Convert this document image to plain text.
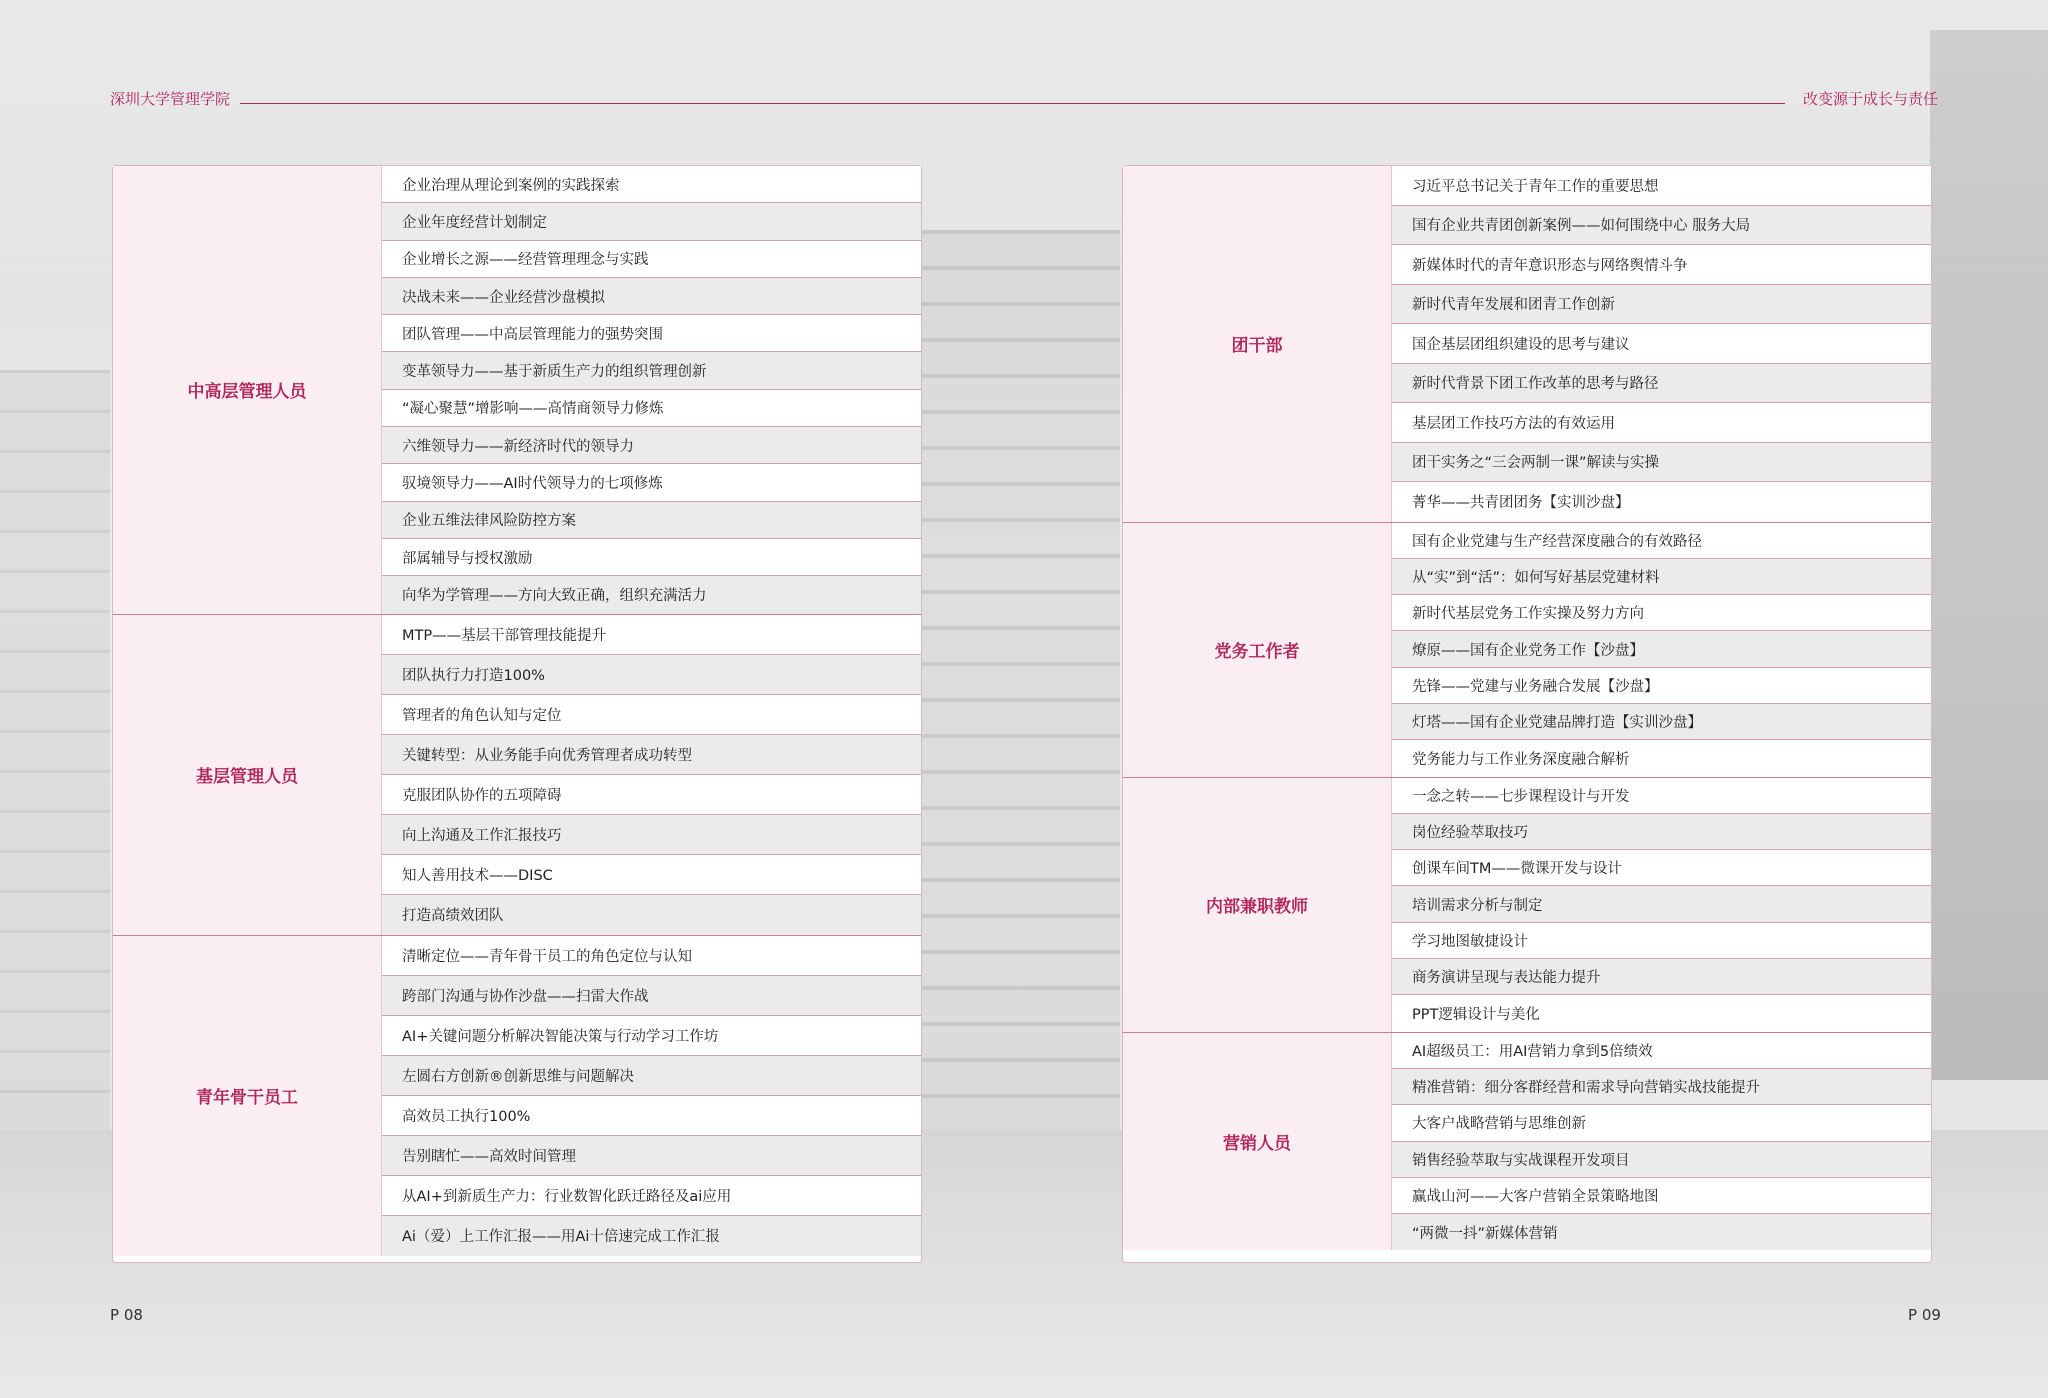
深圳大学管理学院	改变源于成长与责任
中高层管理人员
企业治理从理论到案例的实践探索
企业年度经营计划制定
企业增长之源——经营管理理念与实践
决战未来——企业经营沙盘模拟
团队管理——中高层管理能力的强势突围
变革领导力——基于新质生产力的组织管理创新
“凝心聚慧”增影响——高情商领导力修炼
六维领导力——新经济时代的领导力
驭境领导力——AI时代领导力的七项修炼
企业五维法律风险防控方案
部属辅导与授权激励
向华为学管理——方向大致正确，组织充满活力
基层管理人员
MTP——基层干部管理技能提升
团队执行力打造100%
管理者的角色认知与定位
关键转型：从业务能手向优秀管理者成功转型
克服团队协作的五项障碍
向上沟通及工作汇报技巧
知人善用技术——DISC
打造高绩效团队
青年骨干员工
清晰定位——青年骨干员工的角色定位与认知
跨部门沟通与协作沙盘——扫雷大作战
AI+关键问题分析解决智能决策与行动学习工作坊
左圆右方创新®创新思维与问题解决
高效员工执行100%
告别瞎忙——高效时间管理
从AI+到新质生产力：行业数智化跃迁路径及ai应用
Ai（爱）上工作汇报——用Ai十倍速完成工作汇报
团干部
习近平总书记关于青年工作的重要思想
国有企业共青团创新案例——如何围绕中心 服务大局
新媒体时代的青年意识形态与网络舆情斗争
新时代青年发展和团青工作创新
国企基层团组织建设的思考与建议
新时代背景下团工作改革的思考与路径
基层团工作技巧方法的有效运用
团干实务之“三会两制一课”解读与实操
菁华——共青团团务【实训沙盘】
党务工作者
国有企业党建与生产经营深度融合的有效路径
从“实”到“活”：如何写好基层党建材料
新时代基层党务工作实操及努力方向
燎原——国有企业党务工作【沙盘】
先锋——党建与业务融合发展【沙盘】
灯塔——国有企业党建品牌打造【实训沙盘】
党务能力与工作业务深度融合解析
内部兼职教师
一念之转——七步课程设计与开发
岗位经验萃取技巧
创课车间TM——微课开发与设计
培训需求分析与制定
学习地图敏捷设计
商务演讲呈现与表达能力提升
PPT逻辑设计与美化
营销人员
AI超级员工：用AI营销力拿到5倍绩效
精准营销：细分客群经营和需求导向营销实战技能提升
大客户战略营销与思维创新
销售经验萃取与实战课程开发项目
赢战山河——大客户营销全景策略地图
“两微一抖”新媒体营销
P 08	P 09
